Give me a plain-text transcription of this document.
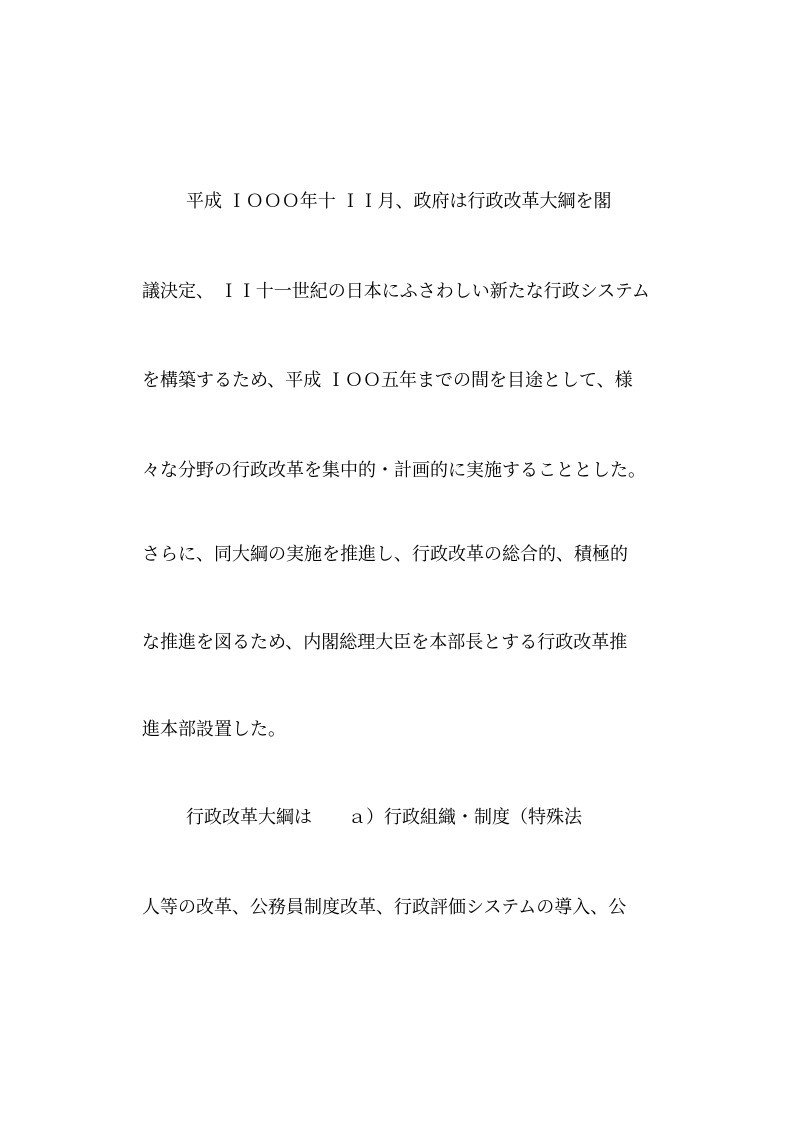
平成 ＩＯＯＯ年十 ＩＩ月、政府は行政改革大綱を閣
議決定、 ＩＩ十一世紀の日本にふさわしい新たな行政システム
を構築するため、平成 ＩＯＯ五年までの間を目途として、様
々な分野の行政改革を集中的・計画的に実施することとした。
さらに、同大綱の実施を推進し、行政改革の総合的、積極的
な推進を図るため、内閣総理大臣を本部長とする行政改革推
進本部設置した。
行政改革大綱は　　ａ）行政組織・制度（特殊法
人等の改革、公務員制度改革、行政評価システムの導入、公
